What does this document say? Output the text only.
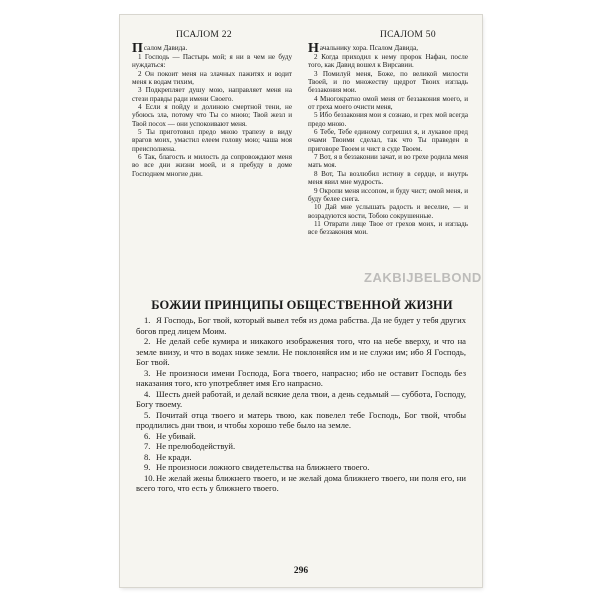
ПСАЛОМ 22

Псалом Давида.

1 Господь — Пастырь мой; я ни в чем не буду нуждаться:

2 Он покоит меня на злачных пажитях и водит меня к водам тихим,

3 Подкрепляет душу мою, направляет меня на стези правды ради имени Своего.

4 Если я пойду и долиною смертной тени, не убоюсь зла, потому что Ты со мною; Твой жезл и Твой посох — они успокоивают меня.

5 Ты приготовил предо мною трапезу в виду врагов моих, умастил елеем голову мою; чаша моя преисполнена.

6 Так, благость и милость да сопровождают меня во все дни жизни моей, и я пребуду в доме Господнем многие дни.

ПСАЛОМ 50

Начальнику хора. Псалом Давида,

2 Когда приходил к нему пророк Нафан, после того, как Давид вошел к Вирсавии.

3 Помилуй меня, Боже, по великой милости Твоей, и по множеству щедрот Твоих изгладь беззакония мои.

4 Многократно омой меня от беззакония моего, и от греха моего очисти меня,

5 Ибо беззакония мои я сознаю, и грех мой всегда предо мною.

6 Тебе, Тебе единому согрешил я, и лукавое пред очами Твоими сделал, так что Ты праведен в приговоре Твоем и чист в суде Твоем.

7 Вот, я в беззаконии зачат, и во грехе родила меня мать моя.

8 Вот, Ты возлюбил истину в сердце, и внутрь меня явил мне мудрость.

9 Окропи меня иссопом, и буду чист; омой меня, и буду белее снега.

10 Дай мне услышать радость и веселие, — и возрадуются кости, Тобою сокрушенные.

11 Отврати лице Твое от грехов моих, и изгладь все беззакония мои.

ZAKBIJBELBOND
БОЖИИ ПРИНЦИПЫ ОБЩЕСТВЕННОЙ ЖИЗНИ

1. Я Господь, Бог твой, который вывел тебя из дома рабства. Да не будет у тебя других богов пред лицем Моим.

2. Не делай себе кумира и никакого изображения того, что на небе вверху, и что на земле внизу, и что в водах ниже земли. Не поклоняйся им и не служи им; ибо Я Господь, Бог твой.

3. Не произноси имени Господа, Бога твоего, напрасно; ибо не оставит Господь без наказания того, кто употребляет имя Его напрасно.

4. Шесть дней работай, и делай всякие дела твои, а день седьмый — суббота, Господу, Богу твоему.

5. Почитай отца твоего и матерь твою, как повелел тебе Господь, Бог твой, чтобы продлились дни твои, и чтобы хорошо тебе было на земле.

6. Не убивай.

7. Не прелюбодействуй.

8. Не кради.

9. Не произноси ложного свидетельства на ближнего твоего.

10.Не желай жены ближнего твоего, и не желай дома ближнего твоего, ни поля его, ни всего того, что есть у ближнего твоего.

296
